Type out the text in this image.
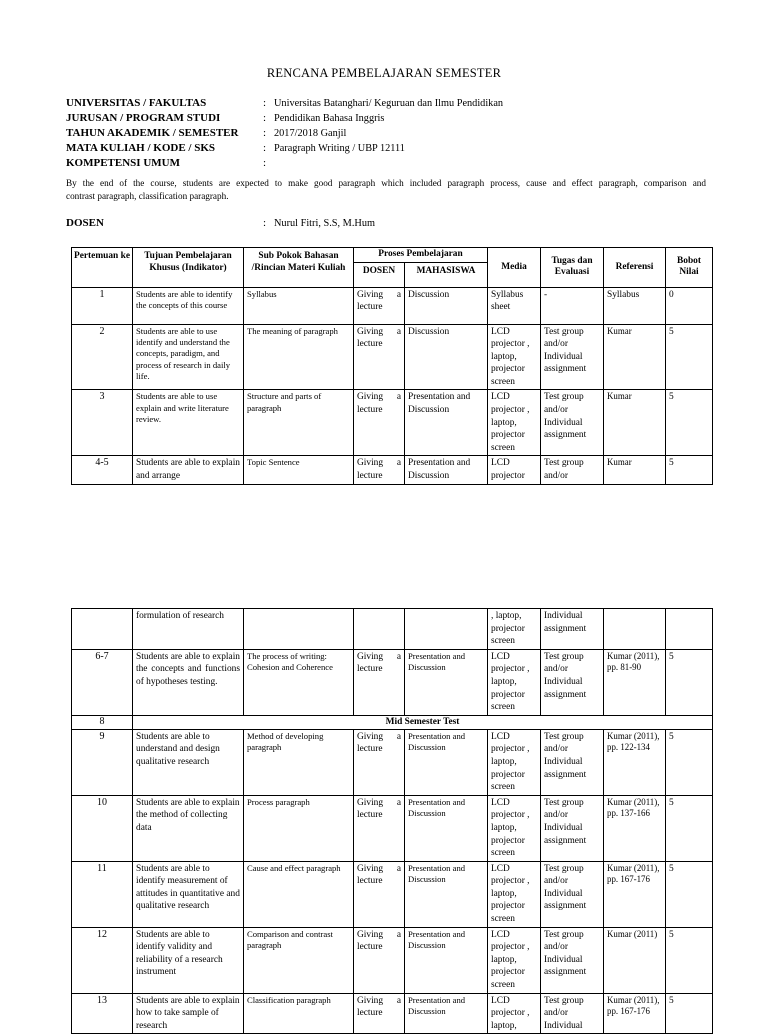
RENCANA PEMBELAJARAN SEMESTER
UNIVERSITAS / FAKULTAS	: Universitas Batanghari/ Keguruan dan Ilmu Pendidikan
JURUSAN / PROGRAM STUDI	: Pendidikan Bahasa Inggris
TAHUN AKADEMIK / SEMESTER : 2017/2018 Ganjil
MATA KULIAH / KODE / SKS	: Paragraph Writing / UBP 12111
KOMPETENSI UMUM	:
By the end of the course, students are expected to make good paragraph which included paragraph process, cause and effect paragraph, comparison and
contrast paragraph, classification paragraph.
DOSEN	: Nurul Fitri, S.S, M.Hum
Pertemuan ke	Tujuan Pembelajaran Khusus (Indikator)	Sub Pokok Bahasan /Rincian Materi Kuliah	Proses Pembelajaran		Media	Tugas dan Evaluasi	Referensi	Bobot Nilai
			DOSEN	MAHASISWA				
1	Students are able to identify the concepts of this course	Syllabus	Giving a lecture	Discussion	Syllabus sheet	-	Syllabus	0
2	Students are able to use identify and understand the concepts, paradigm, and process of research in daily life.	The meaning of paragraph	Giving a lecture	Discussion	LCD projector , laptop, projector screen	Test group and/or Individual assignment	Kumar	5
3	Students are able to use explain and write literature review.	Structure and parts of paragraph	Giving a lecture	Presentation and Discussion	LCD projector , laptop, projector screen	Test group and/or Individual assignment	Kumar	5
4-5	Students are able to explain and arrange	Topic Sentence	Giving a lecture	Presentation and Discussion	LCD projector	Test group and/or	Kumar	5
	formulation of research				, laptop, projector screen	Individual assignment		
6-7	Students are able to explain the concepts and functions of hypotheses testing.	The process of writing: Cohesion and Coherence	Giving a lecture	Presentation and Discussion	LCD projector , laptop, projector screen	Test group and/or Individual assignment	Kumar (2011), pp. 81-90	5
8	Mid Semester Test							
9	Students are able to understand and design qualitative research	Method of developing paragraph	Giving a lecture	Presentation and Discussion	LCD projector , laptop, projector screen	Test group and/or Individual assignment	Kumar (2011), pp. 122-134	5
10	Students are able to explain the method of collecting data	Process paragraph	Giving a lecture	Presentation and Discussion	LCD projector , laptop, projector screen	Test group and/or Individual assignment	Kumar (2011), pp. 137-166	5
11	Students are able to identify measurement of attitudes in quantitative and qualitative research	Cause and effect paragraph	Giving a lecture	Presentation and Discussion	LCD projector , laptop, projector screen	Test group and/or Individual assignment	Kumar (2011), pp. 167-176	5
12	Students are able to identify validity and reliability of a research instrument	Comparison and contrast paragraph	Giving a lecture	Presentation and Discussion	LCD projector , laptop, projector screen	Test group and/or Individual assignment	Kumar (2011)	5
13	Students are able to explain how to take sample of research	Classification paragraph	Giving a lecture	Presentation and Discussion	LCD projector , laptop,	Test group and/or Individual	Kumar (2011), pp. 167-176	5
